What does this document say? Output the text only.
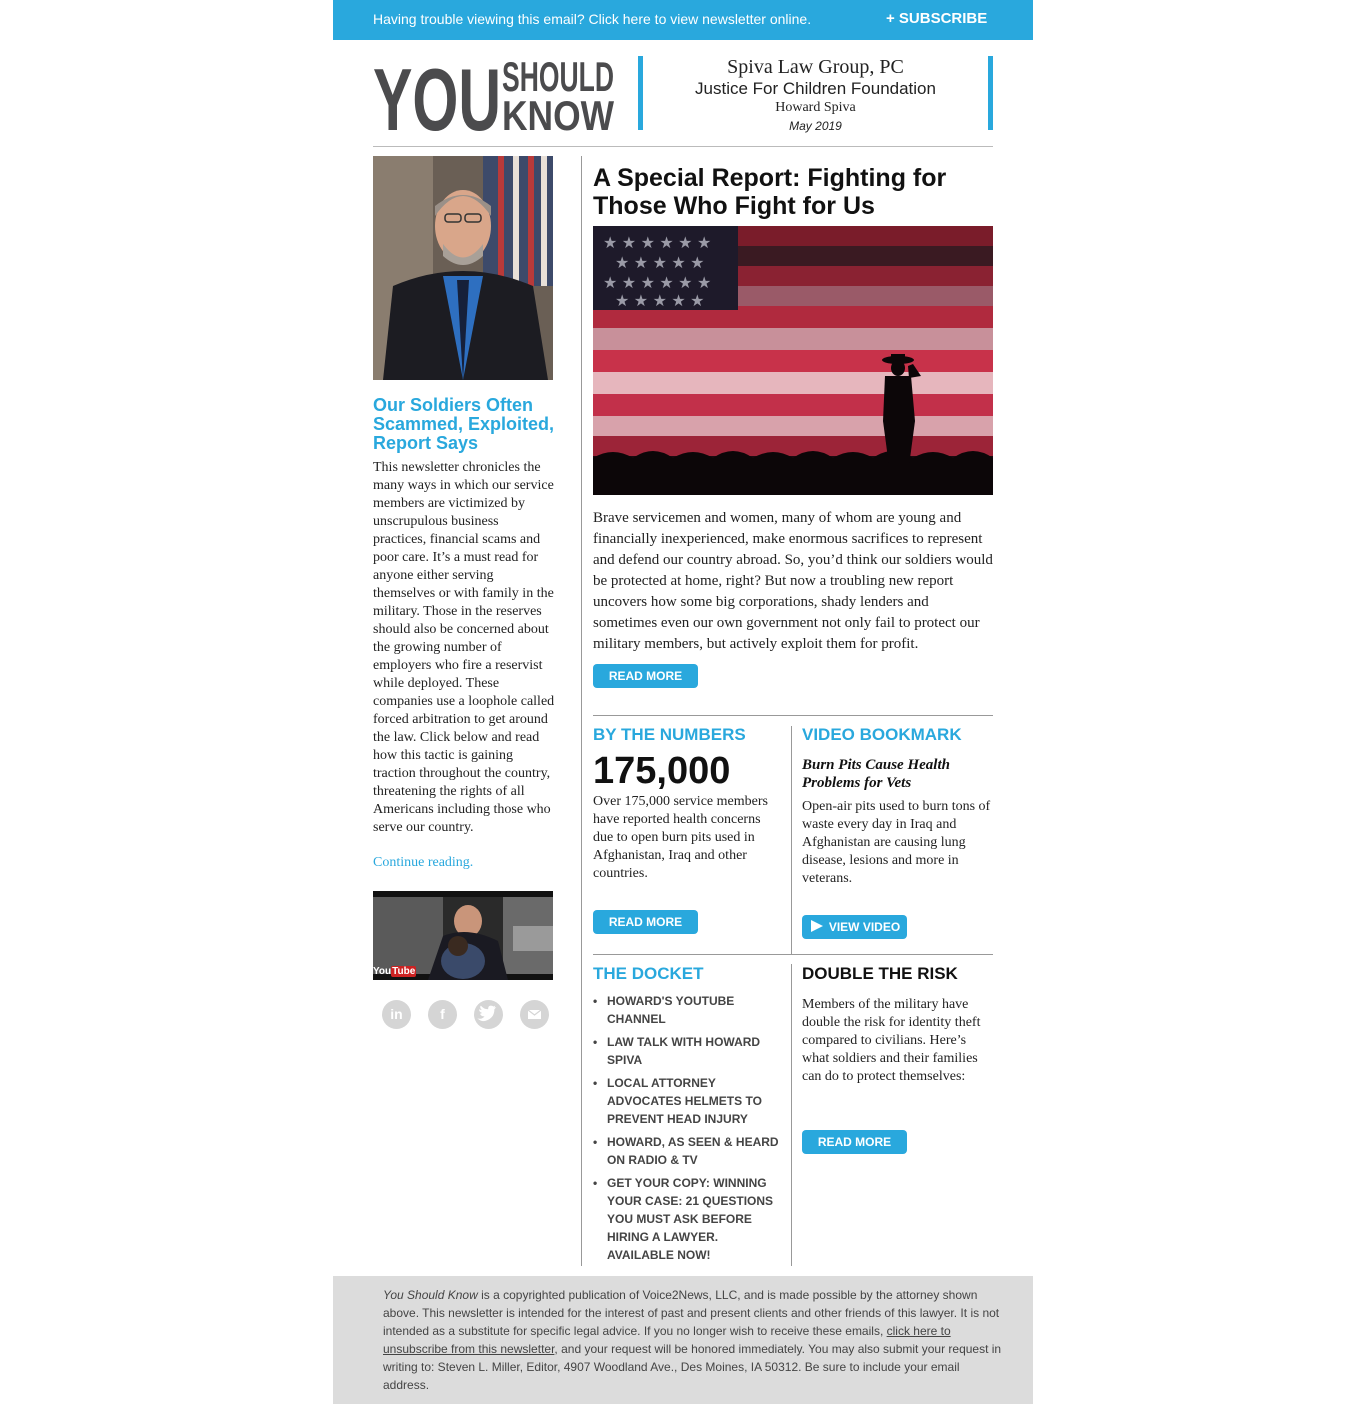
Having trouble viewing this email? Click here to view newsletter online.	+ SUBSCRIBE
YOU SHOULD
KNOW
Spiva Law Group, PC
Justice For Children Foundation
Howard Spiva
May 2019
Our Soldiers Often Scammed, Exploited, Report Says
This newsletter chronicles the many ways in which our service members are victimized by unscrupulous business practices, financial scams and poor care. It’s a must read for anyone either serving themselves or with family in the military. Those in the reserves should also be concerned about the growing number of employers who fire a reservist while deployed. These companies use a loophole called forced arbitration to get around the law. Click below and read how this tactic is gaining traction throughout the country, threatening the rights of all Americans including those who serve our country.
Continue reading.
YouTube
in	f
A Special Report: Fighting for Those Who Fight for Us
★ ★ ★ ★ ★ ★
★ ★ ★ ★ ★
★ ★ ★ ★ ★ ★
★ ★ ★ ★ ★
Brave servicemen and women, many of whom are young and financially inexperienced, make enormous sacrifices to represent and defend our country abroad. So, you’d think our soldiers would be protected at home, right? But now a troubling new report uncovers how some big corporations, shady lenders and sometimes even our own government not only fail to protect our military members, but actively exploit them for profit.
READ MORE
BY THE NUMBERS
175,000
Over 175,000 service members have reported health concerns due to open burn pits used in Afghanistan, Iraq and other countries.
READ MORE
VIDEO BOOKMARK
Burn Pits Cause Health Problems for Vets
Open-air pits used to burn tons of waste every day in Iraq and Afghanistan are causing lung disease, lesions and more in veterans.
VIEW VIDEO
THE DOCKET
• HOWARD'S YOUTUBE CHANNEL
• LAW TALK WITH HOWARD SPIVA
• LOCAL ATTORNEY ADVOCATES HELMETS TO PREVENT HEAD INJURY
• HOWARD, AS SEEN & HEARD ON RADIO & TV
• GET YOUR COPY: WINNING YOUR CASE: 21 QUESTIONS YOU MUST ASK BEFORE HIRING A LAWYER. AVAILABLE NOW!
DOUBLE THE RISK
Members of the military have double the risk for identity theft compared to civilians. Here’s what soldiers and their families can do to protect themselves:
READ MORE
You Should Know is a copyrighted publication of Voice2News, LLC, and is made possible by the attorney shown above. This newsletter is intended for the interest of past and present clients and other friends of this lawyer. It is not intended as a substitute for specific legal advice. If you no longer wish to receive these emails, click here to unsubscribe from this newsletter, and your request will be honored immediately. You may also submit your request in writing to: Steven L. Miller, Editor, 4907 Woodland Ave., Des Moines, IA 50312. Be sure to include your email address.
